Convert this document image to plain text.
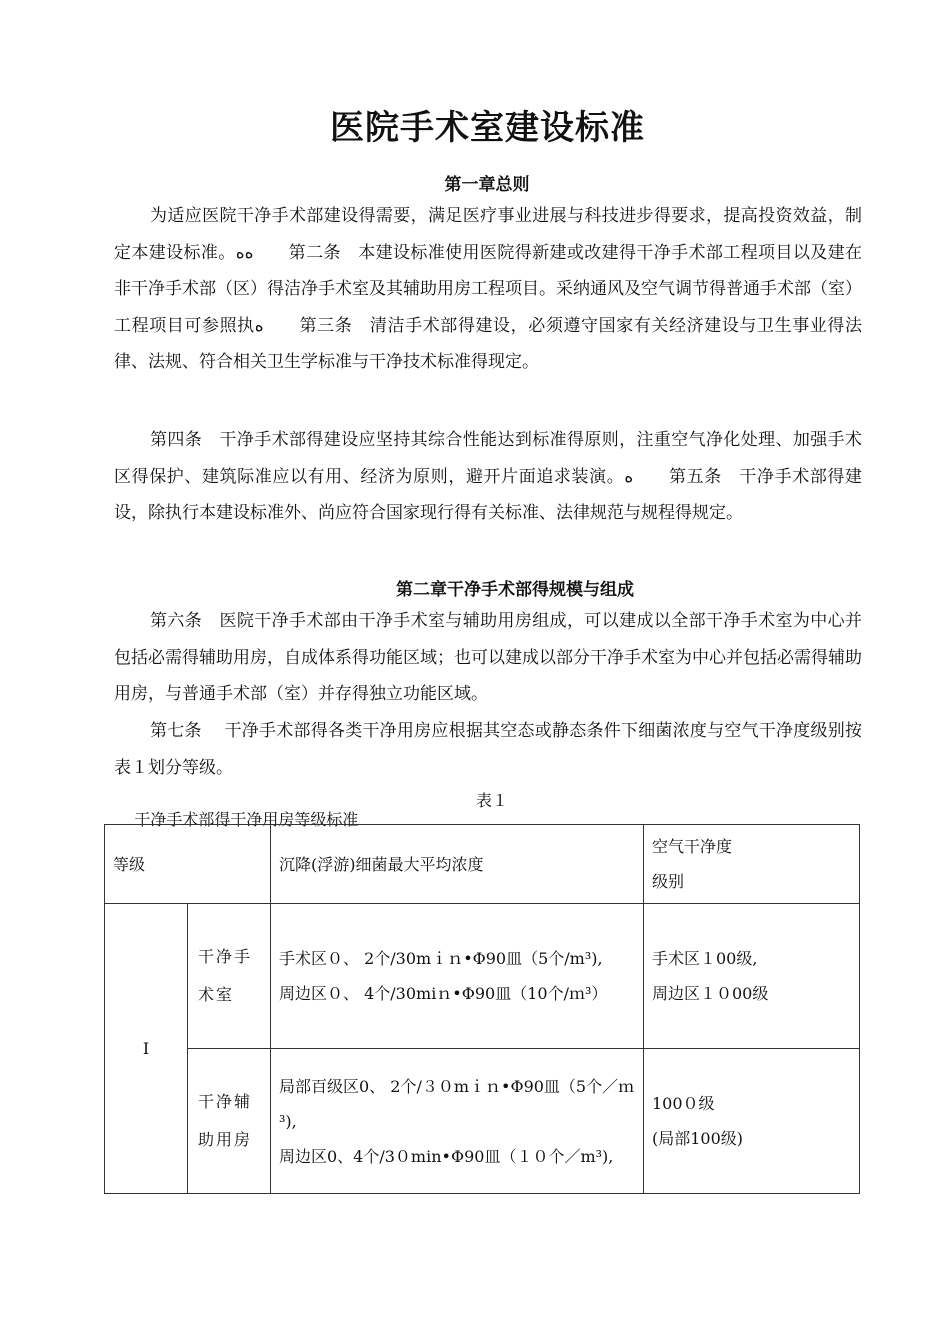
医院手术室建设标准
第一章总则
为适应医院干净手术部建设得需要，满足医疗事业进展与科技进步得要求，提高投资效益，制定本建设标准。ﻩﻩ　　第二条　本建设标准使用医院得新建或改建得干净手术部工程项目以及建在非干净手术部（区）得洁净手术室及其辅助用房工程项目。采纳通风及空气调节得普通手术部（室）工程项目可参照执ﻩ　　第三条　清洁手术部得建设，必须遵守国家有关经济建设与卫生事业得法律、法规、符合相关卫生学标准与干净技术标准得现定。
第四条　干净手术部得建设应坚持其综合性能达到标准得原则，注重空气净化处理、加强手术区得保护、建筑际准应以有用、经济为原则，避开片面追求装演。ﻩ　　第五条　干净手术部得建设，除执行本建设标准外、尚应符合国家现行得有关标准、法律规范与规程得规定。
第二章干净手术部得规模与组成
第六条　医院干净手术部由干净手术室与辅助用房组成，可以建成以全部干净手术室为中心并包括必需得辅助用房，自成体系得功能区域；也可以建成以部分干净手术室为中心并包括必需得辅助用房，与普通手术部（室）并存得独立功能区域。
第七条　 干净手术部得各类干净用房应根据其空态或静态条件下细菌浓度与空气干净度级别按表１划分等级。

干净手术部得干净用房等级标准

表１

等级		沉降(浮游)细菌最大平均浓度	空气干净度
级别

I	干净手术室	手术区０、 2个/30mｉｎ•Φ90皿（5个/m³),
周边区０、 4个/30miｎ•Φ90皿（10个/ｍ³）	手术区１00级,
周边区１０00级

	干净辅助用房	局部百级区0、 2个/３０mｉｎ•Φ90皿（5个／ｍ³),
周边区0、4个/3０min•Φ90皿（１０个／m³),	100０级
(局部100级)
